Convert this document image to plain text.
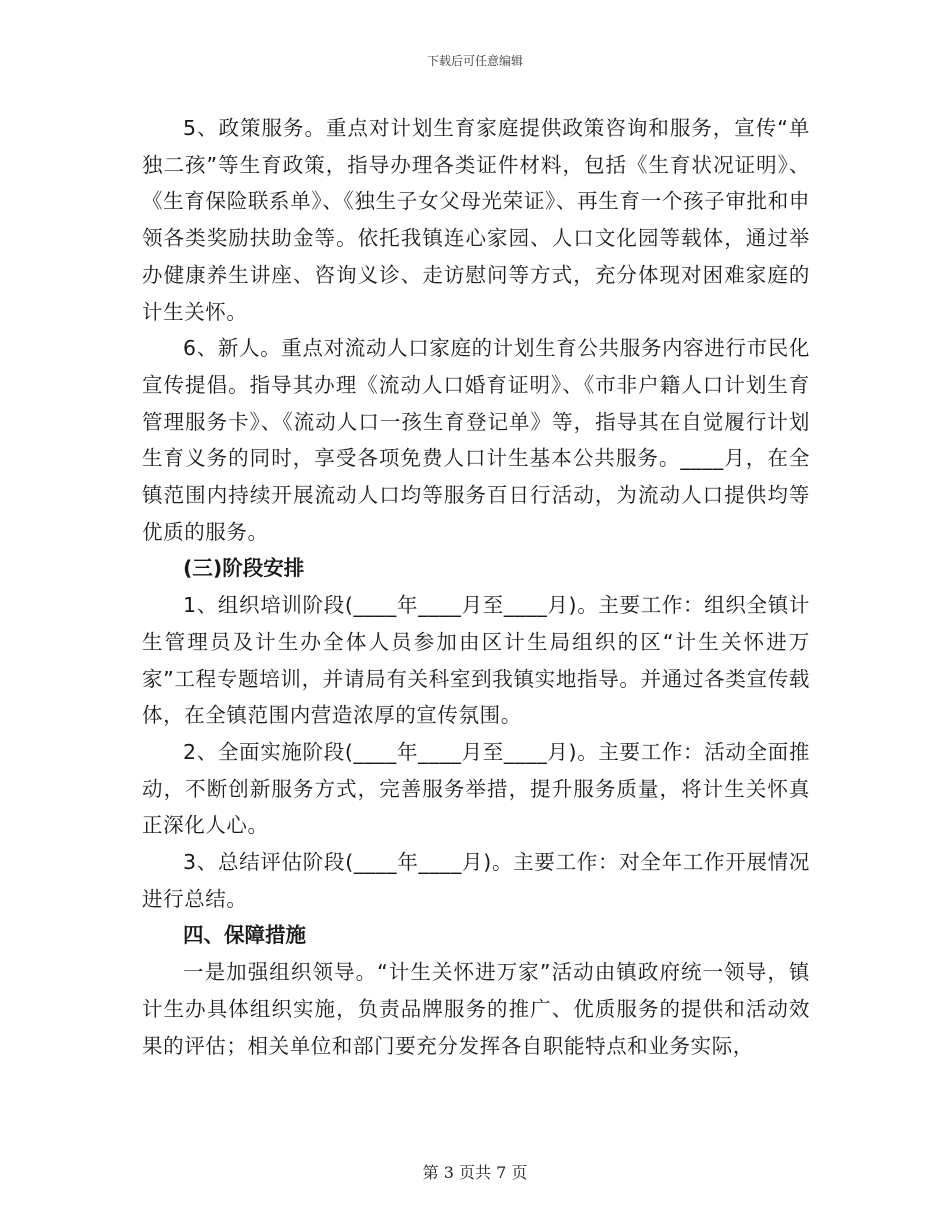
下载后可任意编辑

5、政策服务。重点对计划生育家庭提供政策咨询和服务，宣传“单独二孩”等生育政策，指导办理各类证件材料，包括《生育状况证明》、《生育保险联系单》、《独生子女父母光荣证》、再生育一个孩子审批和申领各类奖励扶助金等。依托我镇连心家园、人口文化园等载体，通过举办健康养生讲座、咨询义诊、走访慰问等方式，充分体现对困难家庭的计生关怀。

6、新人。重点对流动人口家庭的计划生育公共服务内容进行市民化宣传提倡。指导其办理《流动人口婚育证明》、《市非户籍人口计划生育管理服务卡》、《流动人口一孩生育登记单》等，指导其在自觉履行计划生育义务的同时，享受各项免费人口计生基本公共服务。____月，在全镇范围内持续开展流动人口均等服务百日行活动，为流动人口提供均等优质的服务。

(三)阶段安排

1、组织培训阶段(____年____月至____月)。主要工作：组织全镇计生管理员及计生办全体人员参加由区计生局组织的区“计生关怀进万家”工程专题培训，并请局有关科室到我镇实地指导。并通过各类宣传载体，在全镇范围内营造浓厚的宣传氛围。

2、全面实施阶段(____年____月至____月)。主要工作：活动全面推动，不断创新服务方式，完善服务举措，提升服务质量，将计生关怀真正深化人心。

3、总结评估阶段(____年____月)。主要工作：对全年工作开展情况进行总结。

四、保障措施

一是加强组织领导。“计生关怀进万家”活动由镇政府统一领导，镇计生办具体组织实施，负责品牌服务的推广、优质服务的提供和活动效果的评估；相关单位和部门要充分发挥各自职能特点和业务实际，

第 3 页共 7 页
